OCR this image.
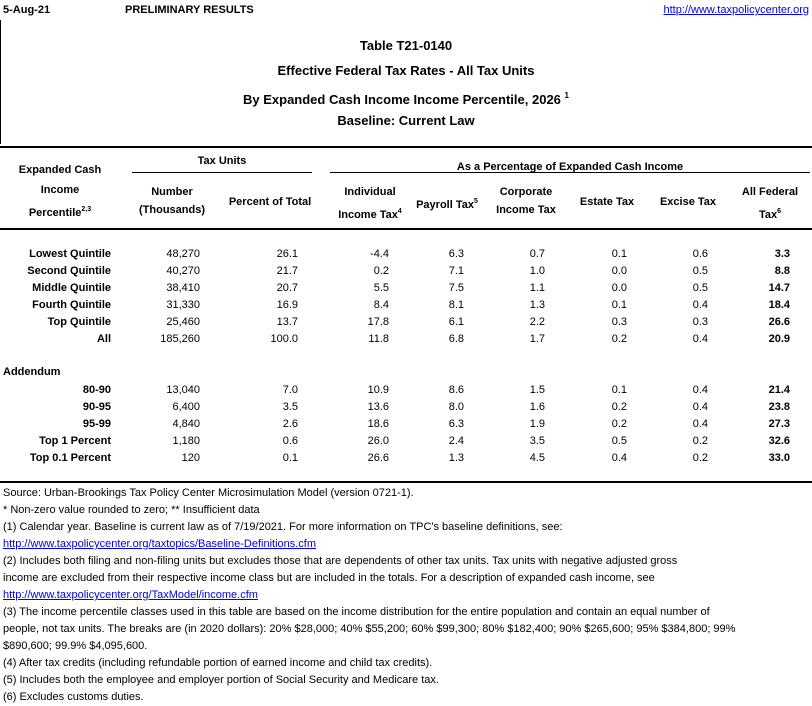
5-Aug-21	PRELIMINARY RESULTS	http://www.taxpolicycenter.org
Table T21-0140
Effective Federal Tax Rates - All Tax Units
By Expanded Cash Income Income Percentile, 2026 $^1$
Baseline: Current Law
Expanded Cash
Income
Percentile$^{2,3}$
Tax Units	As a Percentage of Expanded Cash Income
Number
(Thousands)
Percent of Total
Individual
Income Tax$^4$
Payroll Tax$^5$
Corporate
Income Tax
Estate Tax	Excise Tax
All Federal
Tax$^6$
Lowest Quintile	48,270	26.1	-4.4	6.3	0.7	0.1	0.6	3.3
Second Quintile	40,270	21.7	0.2	7.1	1.0	0.0	0.5	8.8
Middle Quintile	38,410	20.7	5.5	7.5	1.1	0.0	0.5	14.7
Fourth Quintile	31,330	16.9	8.4	8.1	1.3	0.1	0.4	18.4
Top Quintile	25,460	13.7	17.8	6.1	2.2	0.3	0.3	26.6
All	185,260	100.0	11.8	6.8	1.7	0.2	0.4	20.9
Addendum
80-90	13,040	7.0	10.9	8.6	1.5	0.1	0.4	21.4
90-95	6,400	3.5	13.6	8.0	1.6	0.2	0.4	23.8
95-99	4,840	2.6	18.6	6.3	1.9	0.2	0.4	27.3
Top 1 Percent	1,180	0.6	26.0	2.4	3.5	0.5	0.2	32.6
Top 0.1 Percent	120	0.1	26.6	1.3	4.5	0.4	0.2	33.0
Source: Urban-Brookings Tax Policy Center Microsimulation Model (version 0721-1).
* Non-zero value rounded to zero; ** Insufficient data
(1) Calendar year. Baseline is current law as of 7/19/2021. For more information on TPC's baseline definitions, see:
http://www.taxpolicycenter.org/taxtopics/Baseline-Definitions.cfm
(2) Includes both filing and non-filing units but excludes those that are dependents of other tax units. Tax units with negative adjusted gross
income are excluded from their respective income class but are included in the totals. For a description of expanded cash income, see
http://www.taxpolicycenter.org/TaxModel/income.cfm
(3) The income percentile classes used in this table are based on the income distribution for the entire population and contain an equal number of
people, not tax units. The breaks are (in 2020 dollars): 20% $28,000; 40% $55,200; 60% $99,300; 80% $182,400; 90% $265,600; 95% $384,800; 99%
$890,600; 99.9% $4,095,600.
(4) After tax credits (including refundable portion of earned income and child tax credits).
(5) Includes both the employee and employer portion of Social Security and Medicare tax.
(6) Excludes customs duties.
